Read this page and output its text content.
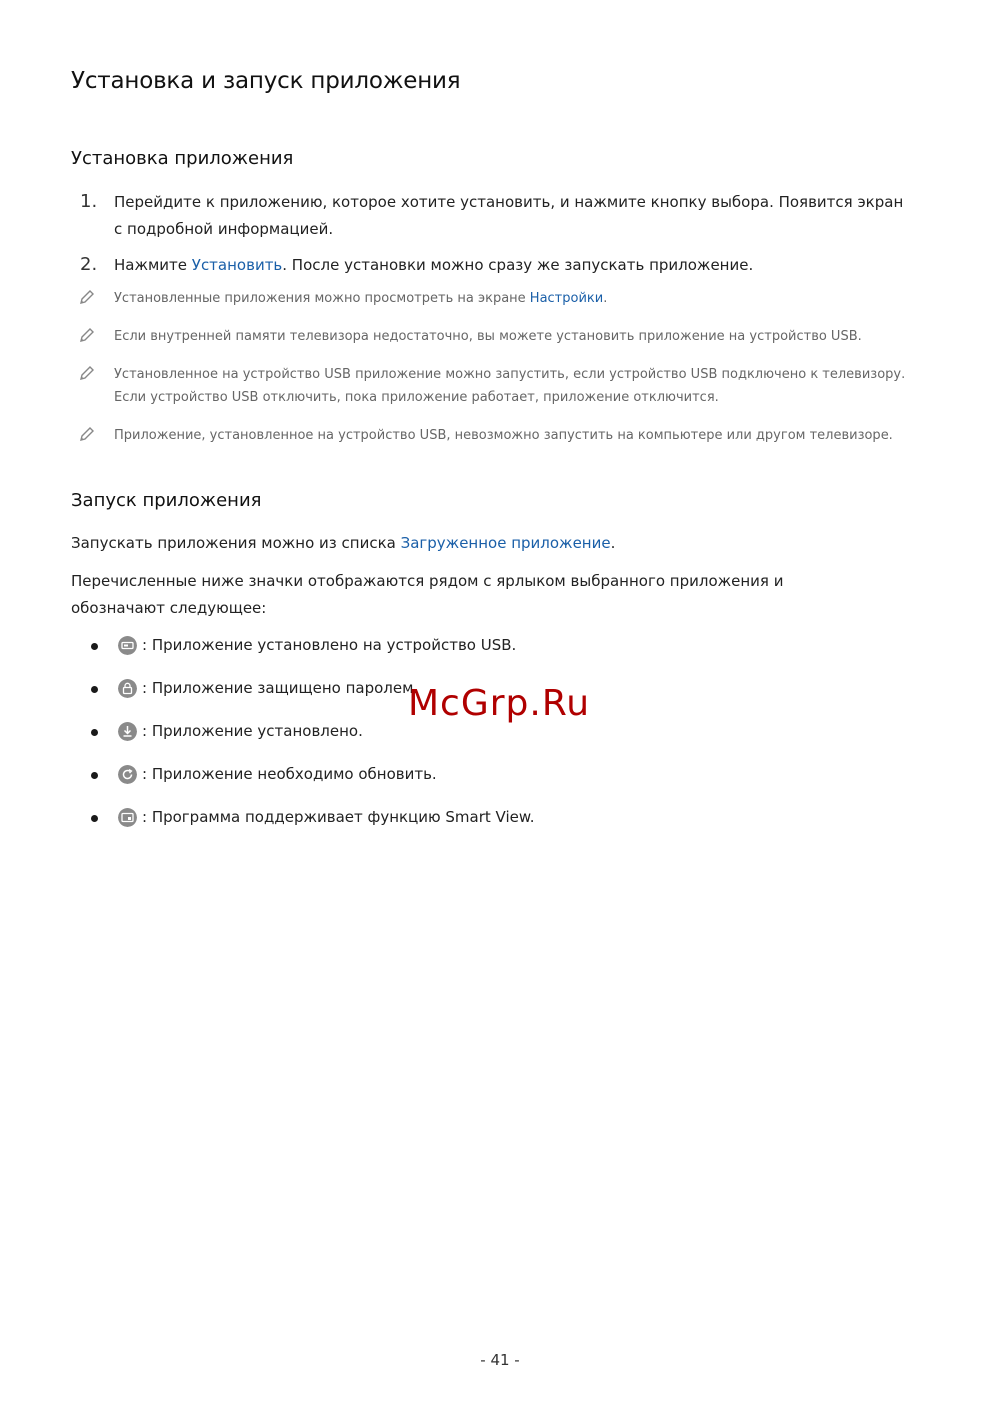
Установка и запуск приложения
Установка приложения
1. Перейдите к приложению, которое хотите установить, и нажмите кнопку выбора. Появится экран с подробной информацией.

2. Нажмите Установить. После установки можно сразу же запускать приложение.

Установленные приложения можно просмотреть на экране Настройки.

Если внутренней памяти телевизора недостаточно, вы можете установить приложение на устройство USB.

Установленное на устройство USB приложение можно запустить, если устройство USB подключено к телевизору. Если устройство USB отключить, пока приложение работает, приложение отключится.

Приложение, установленное на устройство USB, невозможно запустить на компьютере или другом телевизоре.

Запуск приложения

Запускать приложения можно из списка Загруженное приложение.

Перечисленные ниже значки отображаются рядом с ярлыком выбранного приложения и обозначают следующее:

: Приложение установлено на устройство USB.
: Приложение защищено паролем.
: Приложение установлено.
: Приложение необходимо обновить.
: Программа поддерживает функцию Smart View.
McGrp.Ru
- 41 -
